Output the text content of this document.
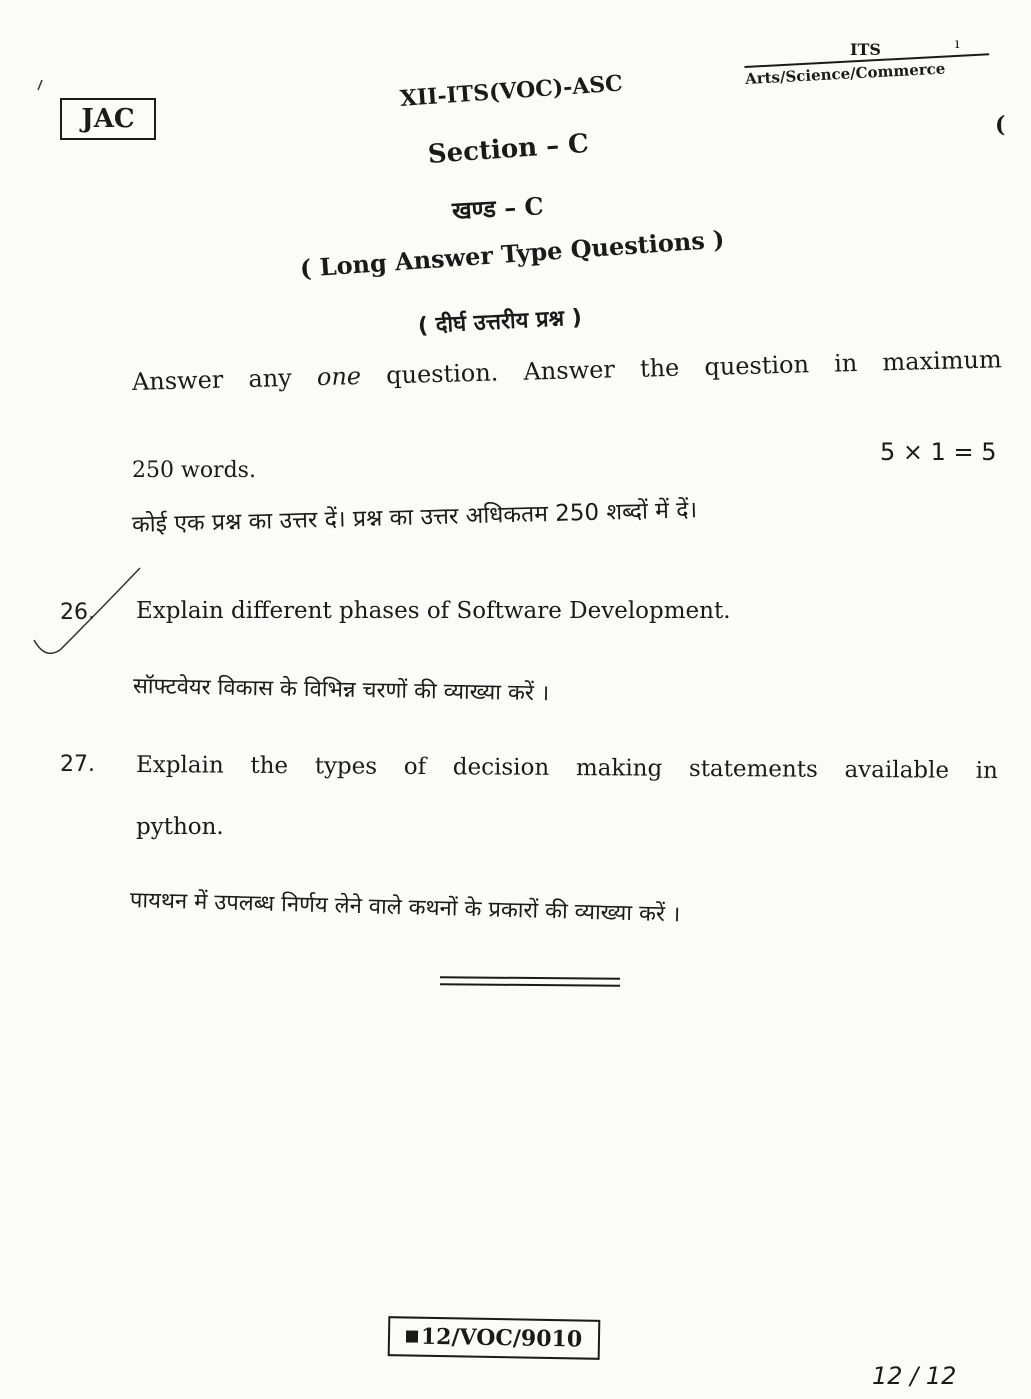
JAC
XII-ITS(VOC)-ASC
ITS	ı
Arts/Science/Commerce
(
Section – C
खण्ड – C
( Long Answer Type Questions )
( दीर्घ उत्तरीय प्रश्न )
Answer any one question. Answer the question in maximum
250 words.
5 × 1 = 5
कोई एक प्रश्न का उत्तर दें। प्रश्न का उत्तर अधिकतम 250 शब्दों में दें।
26. Explain different phases of Software Development.
सॉफ्टवेयर विकास के विभिन्न चरणों की व्याख्या करें ।
27. Explain the types of decision making statements available in
python.
पायथन में उपलब्ध निर्णय लेने वाले कथनों के प्रकारों की व्याख्या करें ।
12/VOC/9010
12 / 12
